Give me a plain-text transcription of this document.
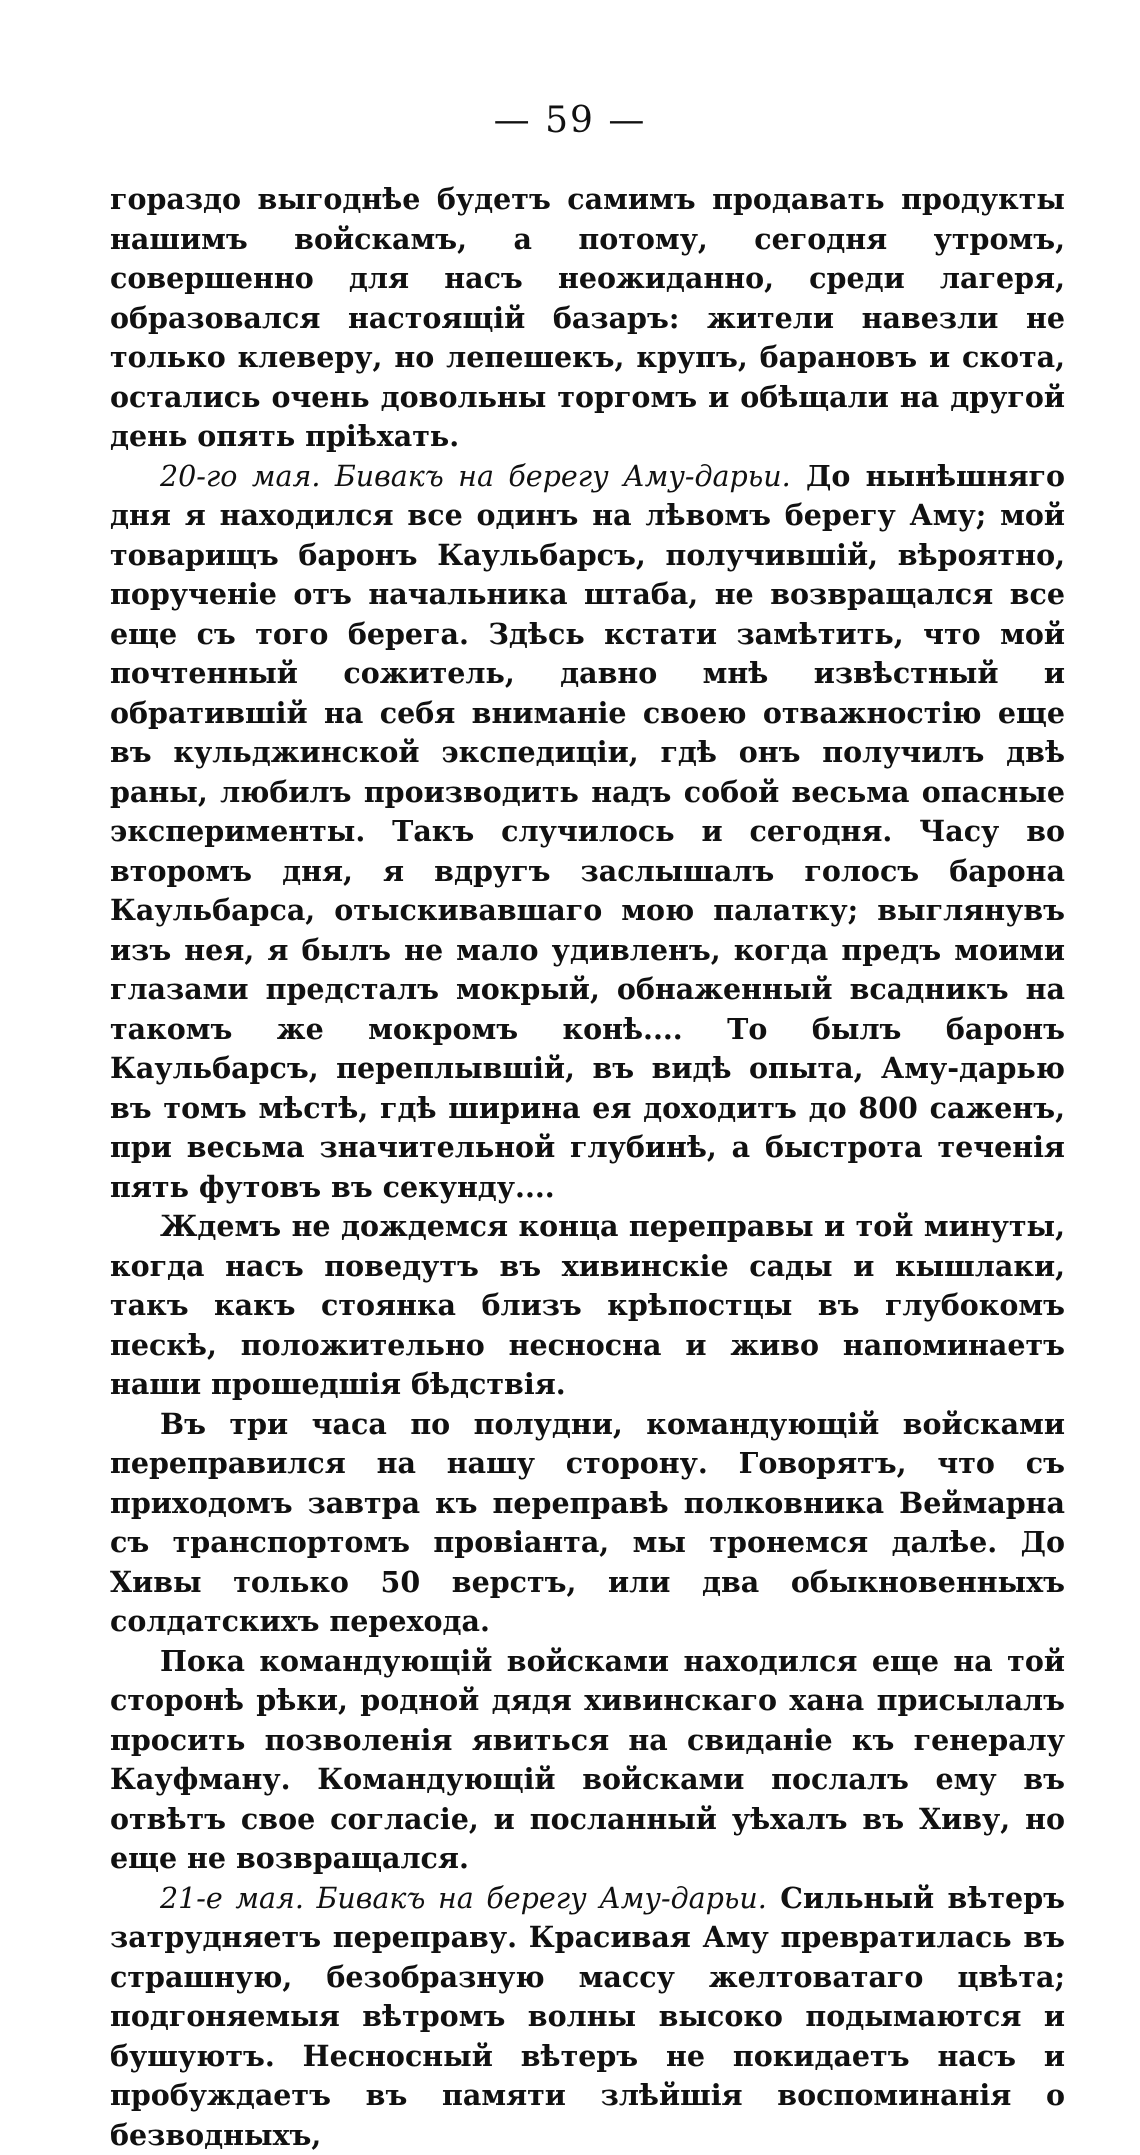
— 59 —

гораздо выгоднѣе будетъ самимъ продавать продукты нашимъ войскамъ, а потому, сегодня утромъ, совершенно для насъ неожиданно, среди лагеря, образовался настоящій базаръ: жители навезли не только клеверу, но лепешекъ, крупъ, барановъ и скота, остались очень довольны торгомъ и обѣщали на другой день опять пріѣхать.

20-го мая. Бивакъ на берегу Аму-дарьи. До нынѣшняго дня я находился все одинъ на лѣвомъ берегу Аму; мой товарищъ баронъ Каульбарсъ, получившій, вѣроятно, порученіе отъ начальника штаба, не возвращался все еще съ того берега. Здѣсь кстати замѣтить, что мой почтенный сожитель, давно мнѣ извѣстный и обратившій на себя вниманіе своею отважностію еще въ кульджинской экспедиціи, гдѣ онъ получилъ двѣ раны, любилъ производить надъ собой весьма опасные эксперименты. Такъ случилось и сегодня. Часу во второмъ дня, я вдругъ заслышалъ голосъ барона Каульбарса, отыскивавшаго мою палатку; выглянувъ изъ нея, я былъ не мало удивленъ, когда предъ моими глазами предсталъ мокрый, обнаженный всадникъ на такомъ же мокромъ конѣ.... То былъ баронъ Каульбарсъ, переплывшій, въ видѣ опыта, Аму-дарью въ томъ мѣстѣ, гдѣ ширина ея доходитъ до 800 саженъ, при весьма значительной глубинѣ, а быстрота теченія пять футовъ въ секунду....

Ждемъ не дождемся конца переправы и той минуты, когда насъ поведутъ въ хивинскіе сады и кышлаки, такъ какъ стоянка близъ крѣпостцы въ глубокомъ пескѣ, положительно несносна и живо напоминаетъ наши прошедшія бѣдствія.

Въ три часа по полудни, командующій войсками переправился на нашу сторону. Говорятъ, что съ приходомъ завтра къ переправѣ полковника Веймарна съ транспортомъ провіанта, мы тронемся далѣе. До Хивы только 50 верстъ, или два обыкновенныхъ солдатскихъ перехода.

Пока командующій войсками находился еще на той сторонѣ рѣки, родной дядя хивинскаго хана присылалъ просить позволенія явиться на свиданіе къ генералу Кауфману. Командующій войсками послалъ ему въ отвѣтъ свое согласіе, и посланный уѣхалъ въ Хиву, но еще не возвращался.

21-е мая. Бивакъ на берегу Аму-дарьи. Сильный вѣтеръ затрудняетъ переправу. Красивая Аму превратилась въ страшную, безобразную массу желтоватаго цвѣта; подгоняемыя вѣтромъ волны высоко подымаются и бушуютъ. Несносный вѣтеръ не покидаетъ насъ и пробуждаетъ въ памяти злѣйшія воспоминанія о безводныхъ,
